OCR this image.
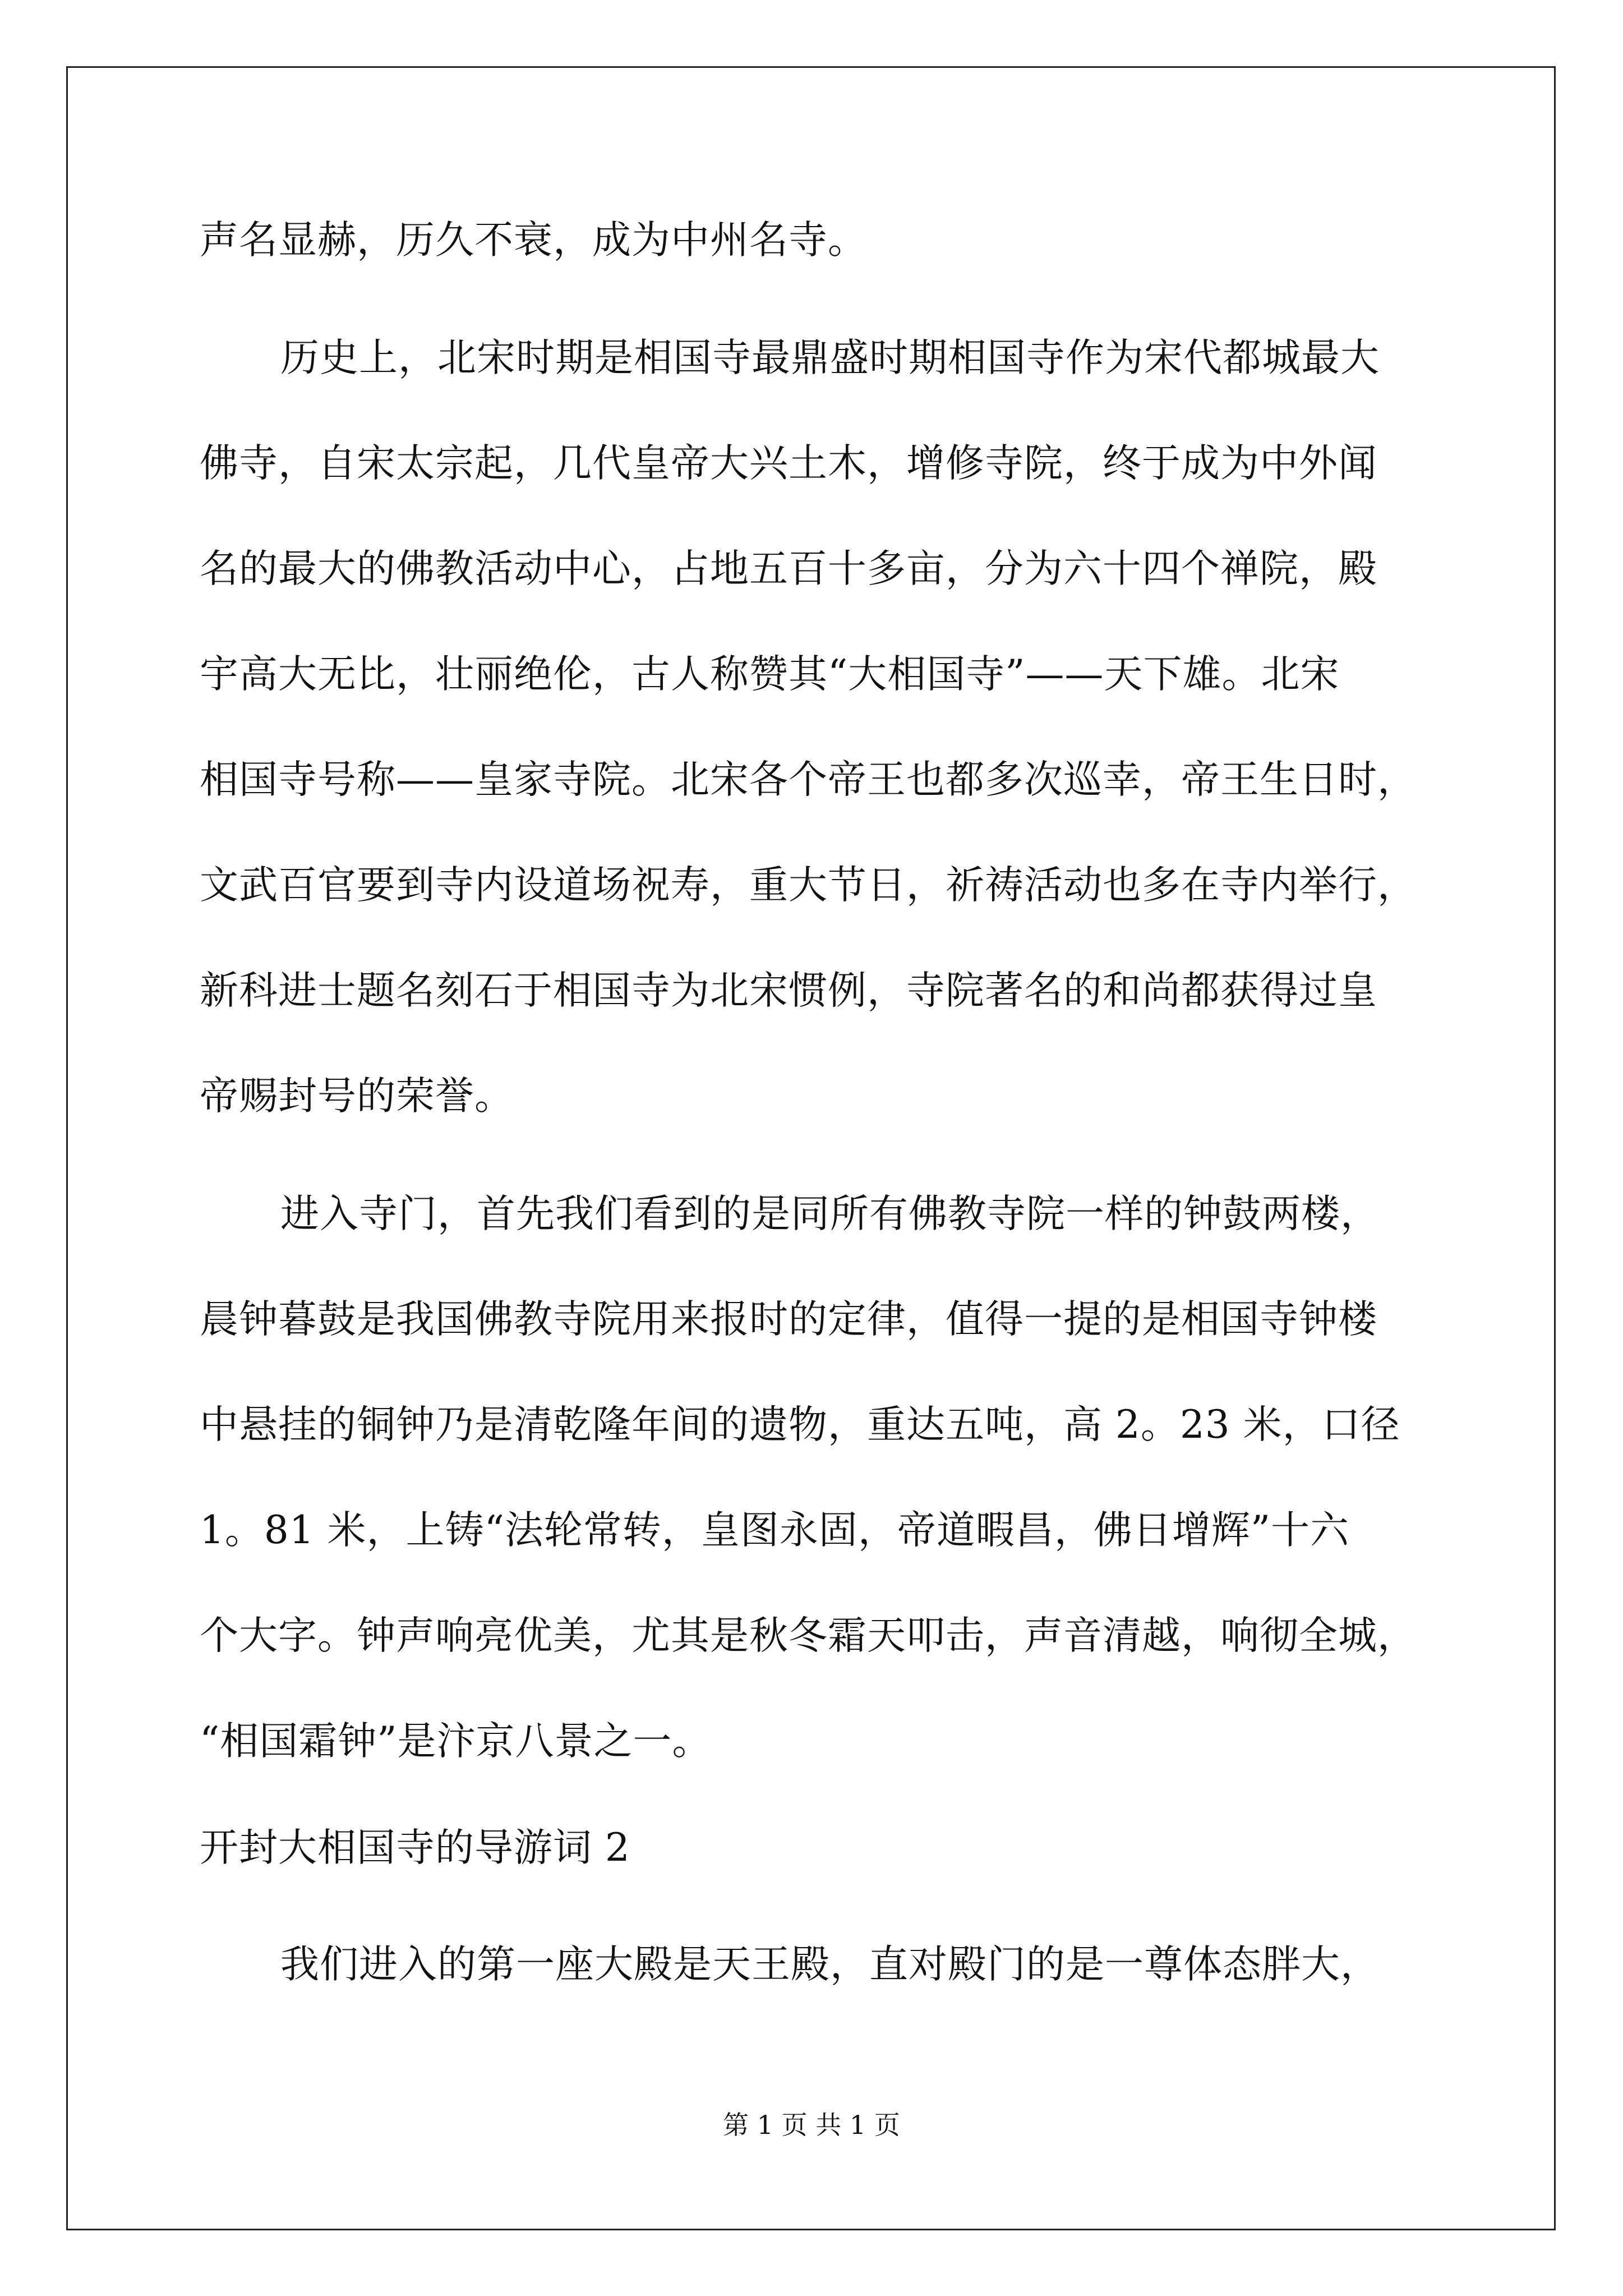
声名显赫，历久不衰，成为中州名寺。

历史上，北宋时期是相国寺最鼎盛时期相国寺作为宋代都城最大

佛寺，自宋太宗起，几代皇帝大兴土木，增修寺院，终于成为中外闻

名的最大的佛教活动中心，占地五百十多亩，分为六十四个禅院，殿

宇高大无比，壮丽绝伦，古人称赞其“大相国寺”——天下雄。北宋

相国寺号称——皇家寺院。北宋各个帝王也都多次巡幸，帝王生日时，

文武百官要到寺内设道场祝寿，重大节日，祈祷活动也多在寺内举行，

新科进士题名刻石于相国寺为北宋惯例，寺院著名的和尚都获得过皇

帝赐封号的荣誉。

进入寺门，首先我们看到的是同所有佛教寺院一样的钟鼓两楼，

晨钟暮鼓是我国佛教寺院用来报时的定律，值得一提的是相国寺钟楼

中悬挂的铜钟乃是清乾隆年间的遗物，重达五吨，高 2。23 米，口径

1。81 米，上铸“法轮常转，皇图永固，帝道暇昌，佛日增辉”十六

个大字。钟声响亮优美，尤其是秋冬霜天叩击，声音清越，响彻全城，

“相国霜钟”是汴京八景之一。

开封大相国寺的导游词 2

我们进入的第一座大殿是天王殿，直对殿门的是一尊体态胖大，

第 1 页 共 1 页
